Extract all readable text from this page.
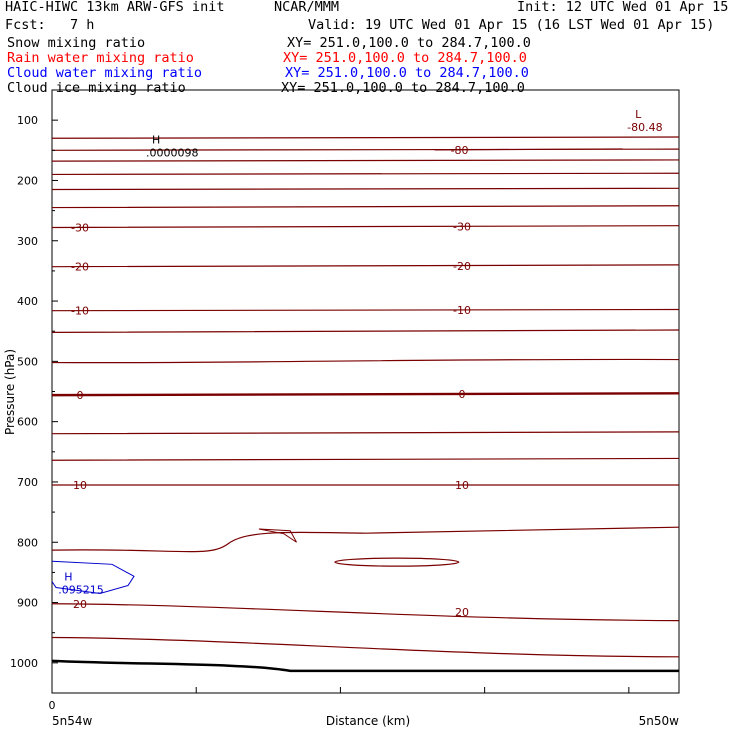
HAIC-HIWC 13km ARW-GFS init	NCAR/MMM	Init: 12 UTC Wed 01 Apr 15
Fcst:   7 h	Valid: 19 UTC Wed 01 Apr 15 (16 LST Wed 01 Apr 15)
Snow mixing ratio	XY= 251.0,100.0 to 284.7,100.0
Rain water mixing ratio	XY= 251.0,100.0 to 284.7,100.0
Cloud water mixing ratio	XY= 251.0,100.0 to 284.7,100.0
Cloud ice mixing ratio	XY= 251.0,100.0 to 284.7,100.0
-80
-30	-30
-20	-20
-10	-10
0	0
10	10
20
20
H
.0000098
L
-80.48
H
.095215
100
200
300
400
500
600
700
800
900
1000
0
Pressure (hPa)
Distance (km)
5n54w	5n50w
